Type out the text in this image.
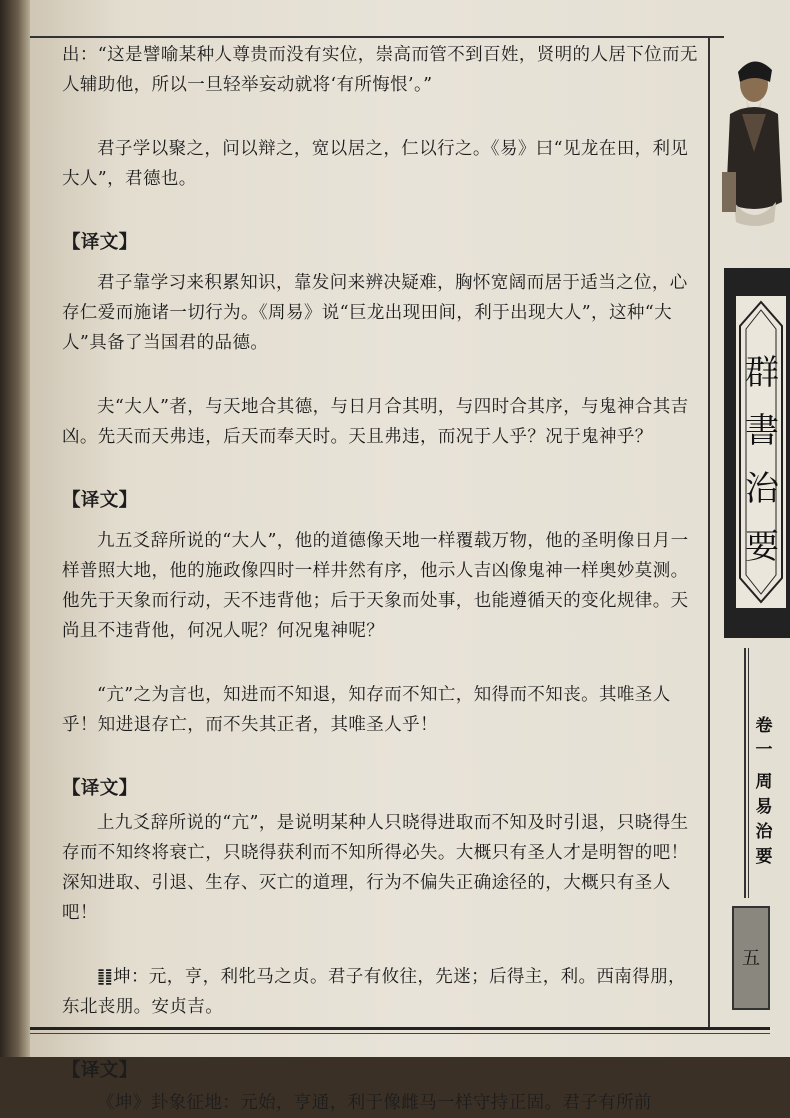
出：“这是譬喻某种人尊贵而没有实位，崇高而管不到百姓，贤明的人居下位而无人辅助他，所以一旦轻举妄动就将‘有所悔恨’。”

君子学以聚之，问以辩之，宽以居之，仁以行之。《易》曰“见龙在田，利见大人”，君德也。

【译文】

君子靠学习来积累知识，靠发问来辨决疑难，胸怀宽阔而居于适当之位，心存仁爱而施诸一切行为。《周易》说“巨龙出现田间，利于出现大人”，这种“大人”具备了当国君的品德。

夫“大人”者，与天地合其德，与日月合其明，与四时合其序，与鬼神合其吉凶。先天而天弗违，后天而奉天时。天且弗违，而况于人乎？况于鬼神乎？

【译文】

九五爻辞所说的“大人”，他的道德像天地一样覆载万物，他的圣明像日月一样普照大地，他的施政像四时一样井然有序，他示人吉凶像鬼神一样奥妙莫测。他先于天象而行动，天不违背他；后于天象而处事，也能遵循天的变化规律。天尚且不违背他，何况人呢？何况鬼神呢？

“亢”之为言也，知进而不知退，知存而不知亡，知得而不知丧。其唯圣人乎！知进退存亡，而不失其正者，其唯圣人乎！

【译文】

上九爻辞所说的“亢”，是说明某种人只晓得进取而不知及时引退，只晓得生存而不知终将衰亡，只晓得获利而不知所得必失。大概只有圣人才是明智的吧！深知进取、引退、生存、灭亡的道理，行为不偏失正确途径的，大概只有圣人吧！

䷁坤：元，亨，利牝马之贞。君子有攸往，先迷；后得主，利。西南得朋，东北丧朋。安贞吉。

【译文】

《坤》卦象征地：元始，亨通，利于像雌马一样守持正固。君子有所前

群
書
治
要
卷
一
周
易
治
要
五
